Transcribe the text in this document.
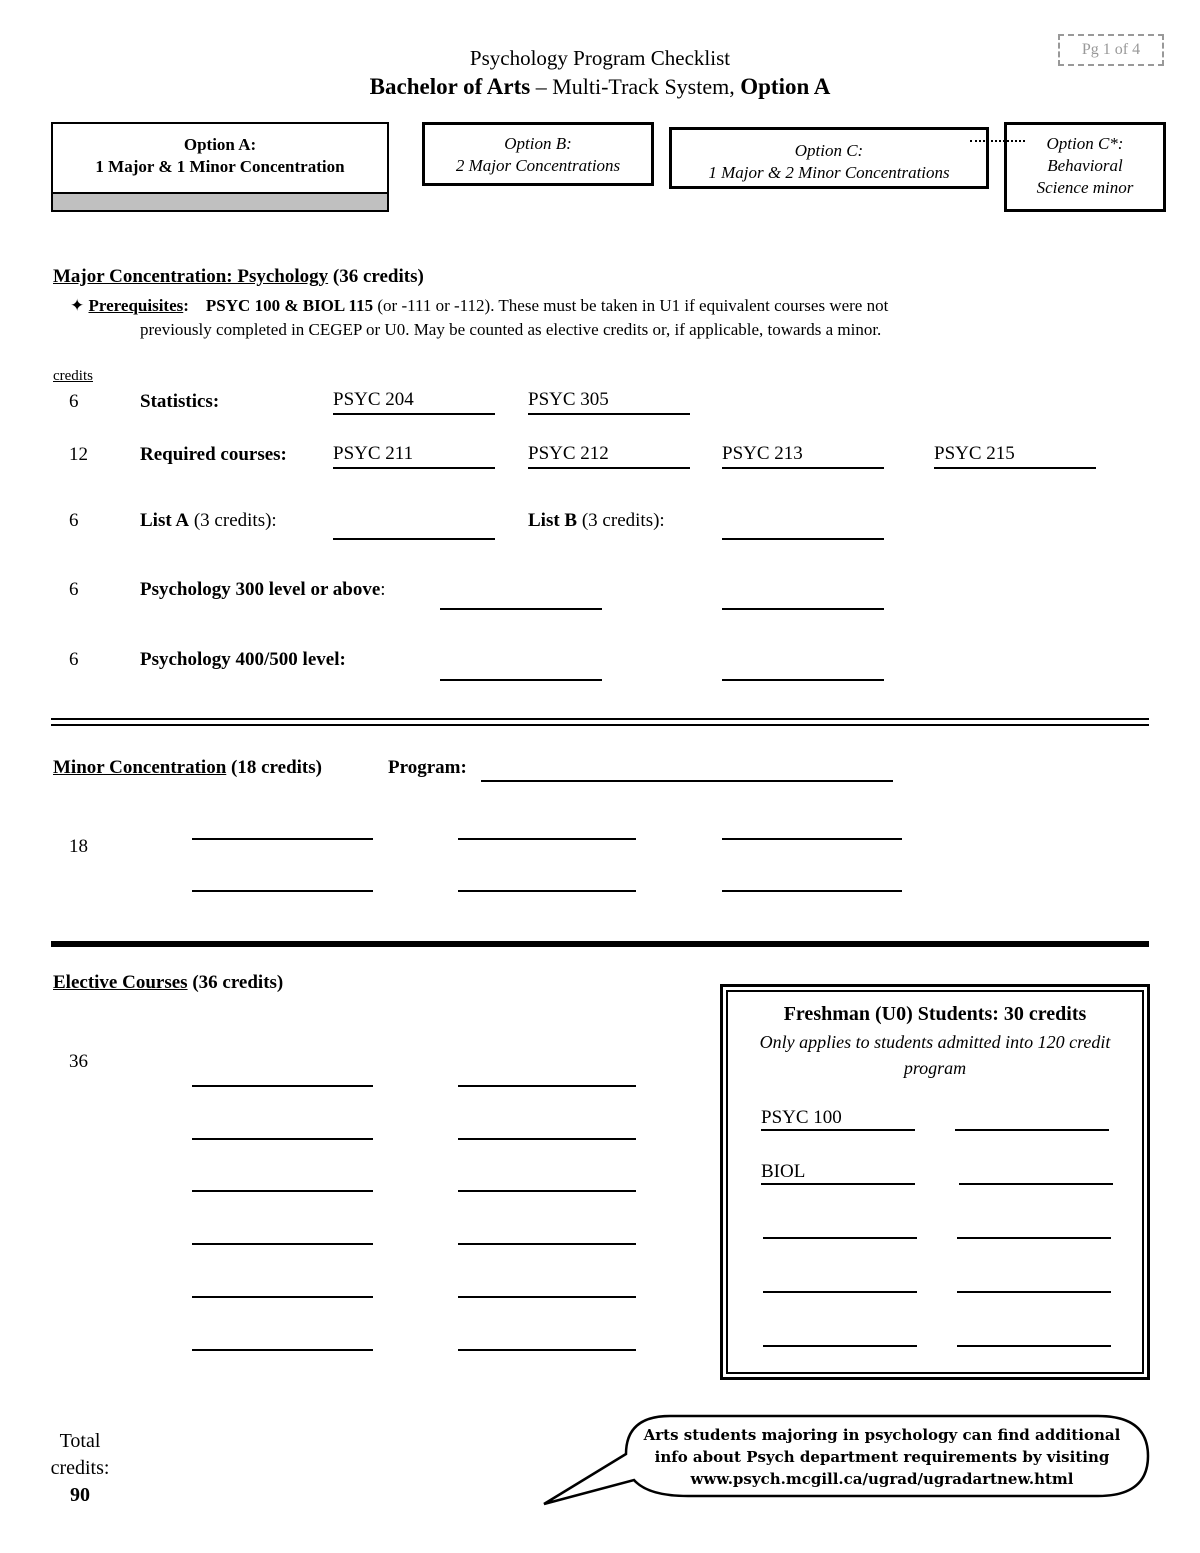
Pg 1 of 4
Psychology Program Checklist
Bachelor of Arts – Multi-Track System, Option A
Option A:
1 Major & 1 Minor Concentration
Option B:
2 Major Concentrations
Option C:
1 Major & 2 Minor Concentrations
Option C*:
Behavioral
Science minor
Major Concentration: Psychology (36 credits)
✦ Prerequisites: PSYC 100 & BIOL 115 (or -111 or -112). These must be taken in U1 if equivalent courses were not
previously completed in CEGEP or U0. May be counted as elective credits or, if applicable, towards a minor.
credits
6	Statistics:	PSYC 204	PSYC 305
12	Required courses: PSYC 211	PSYC 212	PSYC 213	PSYC 215
6	List A (3 credits):	List B (3 credits):
6	Psychology 300 level or above:
6	Psychology 400/500 level:
Minor Concentration (18 credits)	Program:
18
Elective Courses (36 credits)
36
Freshman (U0) Students: 30 credits
Only applies to students admitted into 120 credit program
PSYC 100
BIOL
Total
credits:
90
Arts students majoring in psychology can find additional
info about Psych department requirements by visiting
www.psych.mcgill.ca/ugrad/ugradartnew.html
